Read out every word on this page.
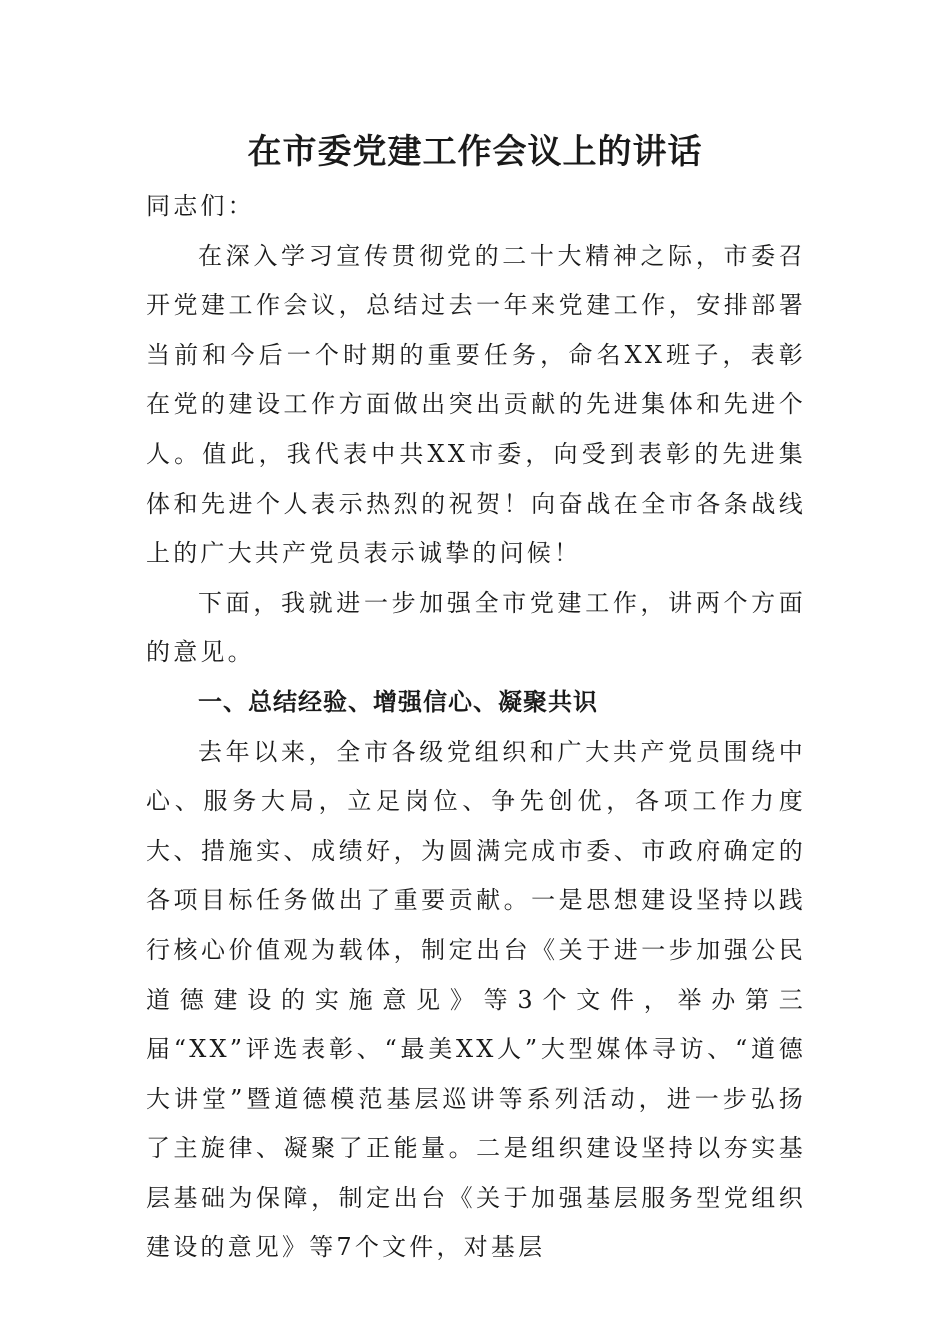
在市委党建工作会议上的讲话

同志们：

在深入学习宣传贯彻党的二十大精神之际，市委召开党建工作会议，总结过去一年来党建工作，安排部署当前和今后一个时期的重要任务，命名XX班子，表彰在党的建设工作方面做出突出贡献的先进集体和先进个人。值此，我代表中共XX市委，向受到表彰的先进集体和先进个人表示热烈的祝贺！向奋战在全市各条战线上的广大共产党员表示诚挚的问候！

下面，我就进一步加强全市党建工作，讲两个方面的意见。

一、总结经验、增强信心、凝聚共识

去年以来，全市各级党组织和广大共产党员围绕中心、服务大局，立足岗位、争先创优，各项工作力度大、措施实、成绩好，为圆满完成市委、市政府确定的各项目标任务做出了重要贡献。一是思想建设坚持以践行核心价值观为载体，制定出台《关于进一步加强公民道德建设的实施意见》等3个文件，举办第三届“XX”评选表彰、“最美XX人”大型媒体寻访、“道德大讲堂”暨道德模范基层巡讲等系列活动，进一步弘扬了主旋律、凝聚了正能量。二是组织建设坚持以夯实基层基础为保障，制定出台《关于加强基层服务型党组织建设的意见》等7个文件，对基层
